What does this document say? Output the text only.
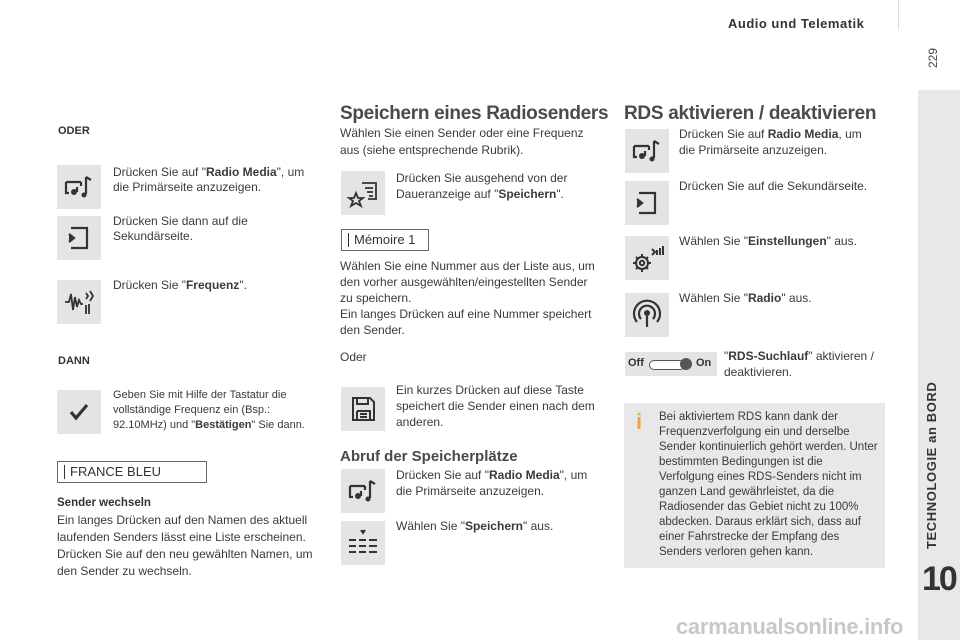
Audio und Telematik
229
TECHNOLOGIE an BORD
10
ODER
Drücken Sie auf "Radio Media", um die Primärseite anzuzeigen.
Drücken Sie dann auf die Sekundärseite.
Drücken Sie "Frequenz".
DANN
Geben Sie mit Hilfe der Tastatur die vollständige Frequenz ein (Bsp.: 92.10MHz) und "Bestätigen" Sie dann.
FRANCE BLEU
Sender wechseln
Ein langes Drücken auf den Namen des aktuell laufenden Senders lässt eine Liste erscheinen. Drücken Sie auf den neu gewählten Namen, um den Sender zu wechseln.
Speichern eines Radiosenders
Wählen Sie einen Sender oder eine Frequenz aus (siehe entsprechende Rubrik).
Drücken Sie ausgehend von der Daueranzeige auf "Speichern".
Mémoire 1
Wählen Sie eine Nummer aus der Liste aus, um den vorher ausgewählten/eingestellten Sender zu speichern.
Ein langes Drücken auf eine Nummer speichert den Sender.
Oder
Ein kurzes Drücken auf diese Taste speichert die Sender einen nach dem anderen.
Abruf der Speicherplätze
Drücken Sie auf "Radio Media", um die Primärseite anzuzeigen.
Wählen Sie "Speichern" aus.
RDS aktivieren / deaktivieren
Drücken Sie auf Radio Media, um die Primärseite anzuzeigen.
Drücken Sie auf die Sekundärseite.
Wählen Sie "Einstellungen" aus.
Wählen Sie "Radio" aus.
Off	On "RDS-Suchlauf" aktivieren / deaktivieren.
i Bei aktiviertem RDS kann dank der Frequenzverfolgung ein und derselbe Sender kontinuierlich gehört werden. Unter bestimmten Bedingungen ist die Verfolgung eines RDS-Senders nicht im ganzen Land gewährleistet, da die Radiosender das Gebiet nicht zu 100% abdecken. Daraus erklärt sich, dass auf einer Fahrstrecke der Empfang des Senders verloren gehen kann.
carmanualsonline.info
